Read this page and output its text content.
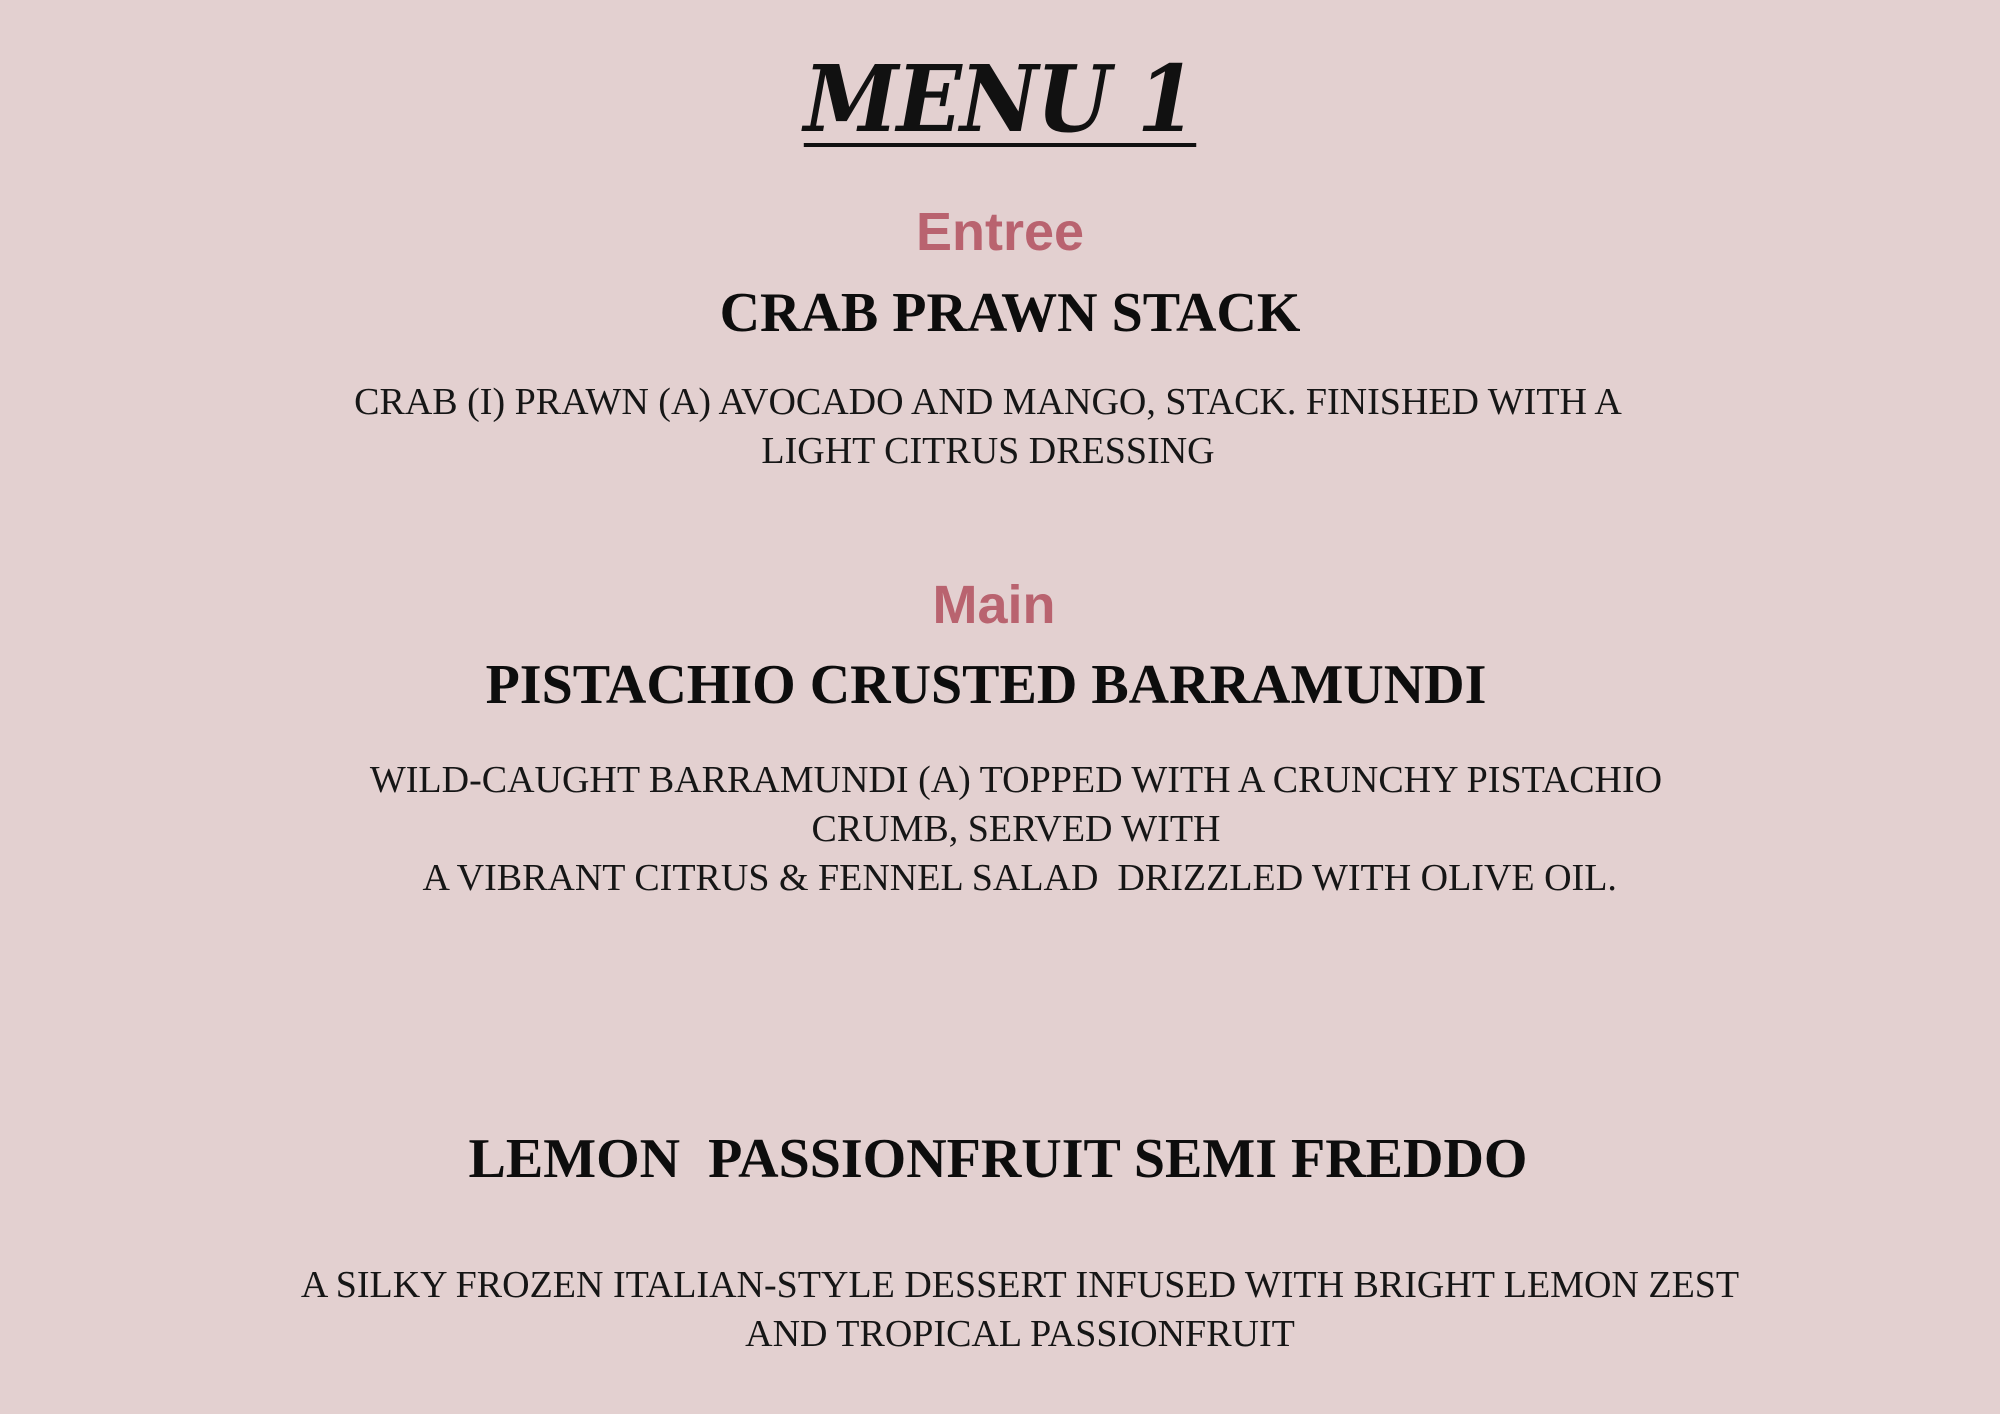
MENU 1
Entree
CRAB PRAWN STACK
CRAB (I) PRAWN (A) AVOCADO AND MANGO, STACK. FINISHED WITH A
LIGHT CITRUS DRESSING
Main
PISTACHIO CRUSTED BARRAMUNDI
WILD-CAUGHT BARRAMUNDI (A) TOPPED WITH A CRUNCHY PISTACHIO
CRUMB, SERVED WITH
A VIBRANT CITRUS & FENNEL SALAD  DRIZZLED WITH OLIVE OIL.
LEMON  PASSIONFRUIT SEMI FREDDO
A SILKY FROZEN ITALIAN-STYLE DESSERT INFUSED WITH BRIGHT LEMON ZEST
AND TROPICAL PASSIONFRUIT
